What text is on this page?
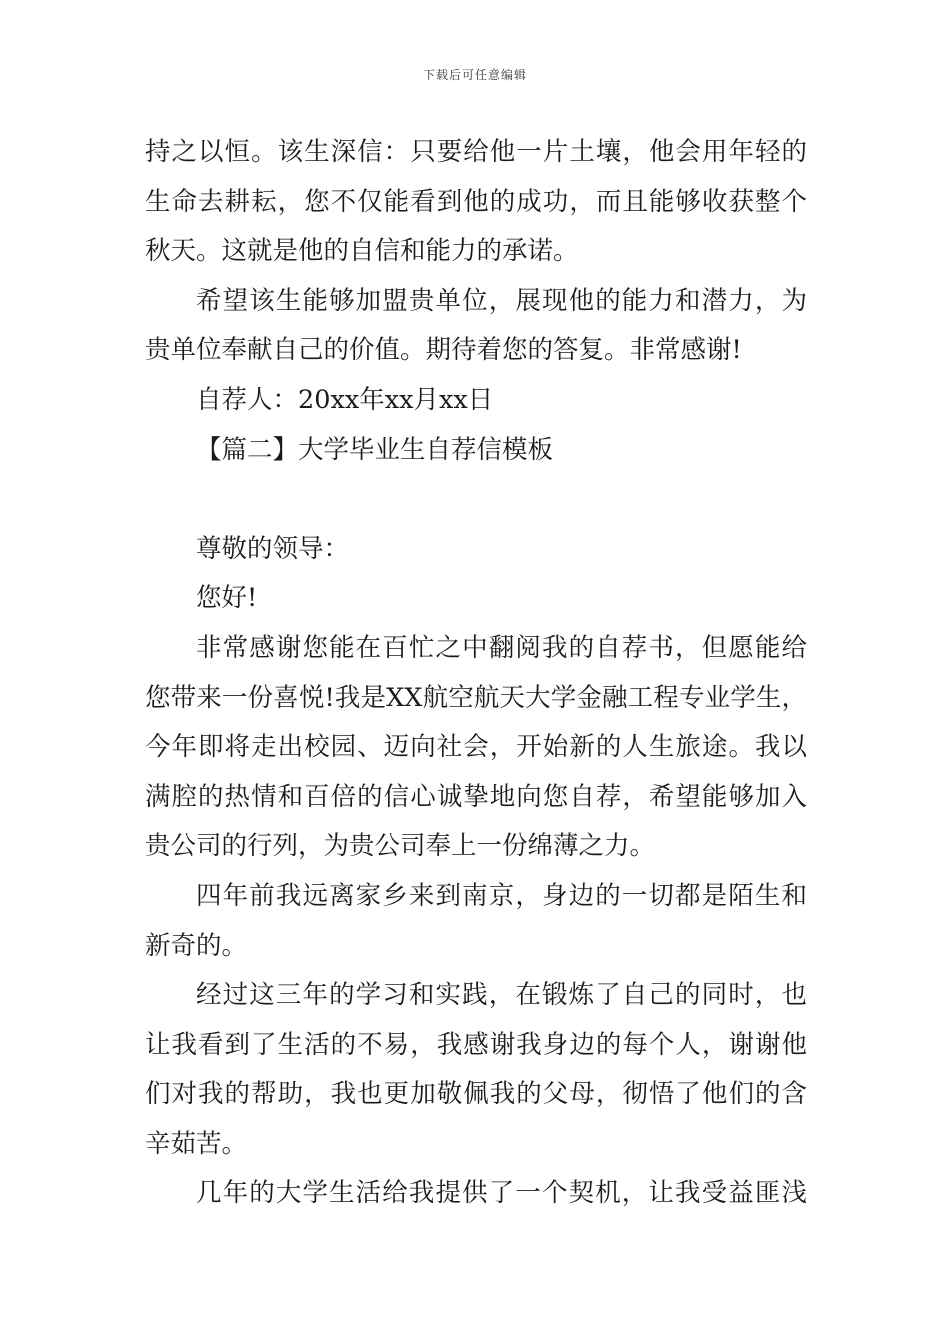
下载后可任意编辑
持之以恒。该生深信：只要给他一片土壤，他会用年轻的
生命去耕耘，您不仅能看到他的成功，而且能够收获整个
秋天。这就是他的自信和能力的承诺。
希望该生能够加盟贵单位，展现他的能力和潜力，为
贵单位奉献自己的价值。期待着您的答复。非常感谢!
自荐人：20xx年xx月xx日
【篇二】大学毕业生自荐信模板
尊敬的领导：
您好!
非常感谢您能在百忙之中翻阅我的自荐书，但愿能给
您带来一份喜悦!我是XX航空航天大学金融工程专业学生，
今年即将走出校园、迈向社会，开始新的人生旅途。我以
满腔的热情和百倍的信心诚挚地向您自荐，希望能够加入
贵公司的行列，为贵公司奉上一份绵薄之力。
四年前我远离家乡来到南京，身边的一切都是陌生和
新奇的。
经过这三年的学习和实践，在锻炼了自己的同时，也
让我看到了生活的不易，我感谢我身边的每个人，谢谢他
们对我的帮助，我也更加敬佩我的父母，彻悟了他们的含
辛茹苦。
几年的大学生活给我提供了一个契机，让我受益匪浅
